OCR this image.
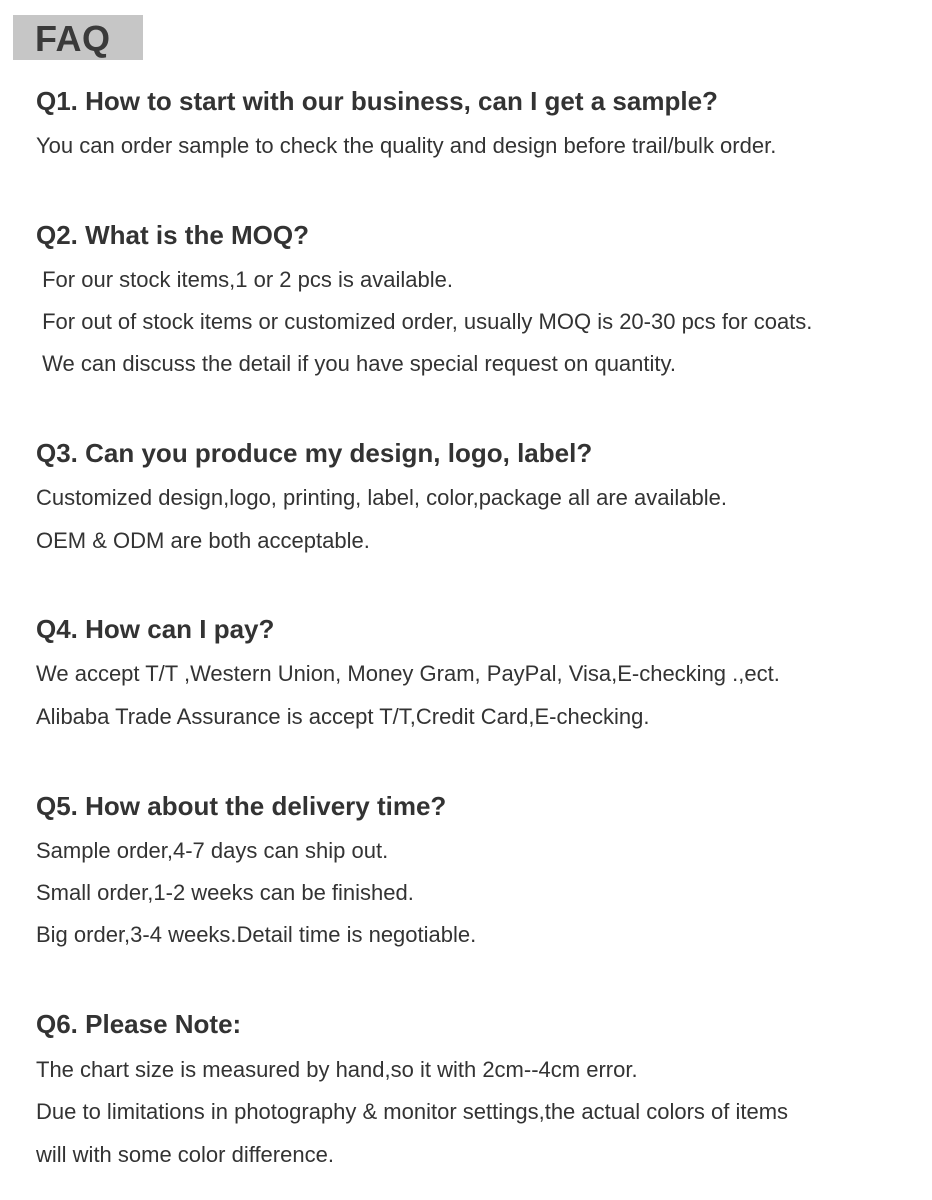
FAQ

Q1. How to start with our business, can I get a sample?

You can order sample to check the quality and design before trail/bulk order.

Q2. What is the MOQ?

For our stock items,1 or 2 pcs is available.

For out of stock items or customized order, usually MOQ is 20-30 pcs for coats.

We can discuss the detail if you have special request on quantity.

Q3. Can you produce my design, logo, label?

Customized design,logo, printing, label, color,package all are available.

OEM & ODM are both acceptable.

Q4. How can I pay?

We accept T/T ,Western Union, Money Gram, PayPal, Visa,E-checking .,ect.

Alibaba Trade Assurance is accept T/T,Credit Card,E-checking.

Q5. How about the delivery time?

Sample order,4-7 days can ship out.

Small order,1-2 weeks can be finished.

Big order,3-4 weeks.Detail time is negotiable.

Q6. Please Note:

The chart size is measured by hand,so it with 2cm--4cm error.

Due to limitations in photography & monitor settings,the actual colors of items

will with some color difference.
